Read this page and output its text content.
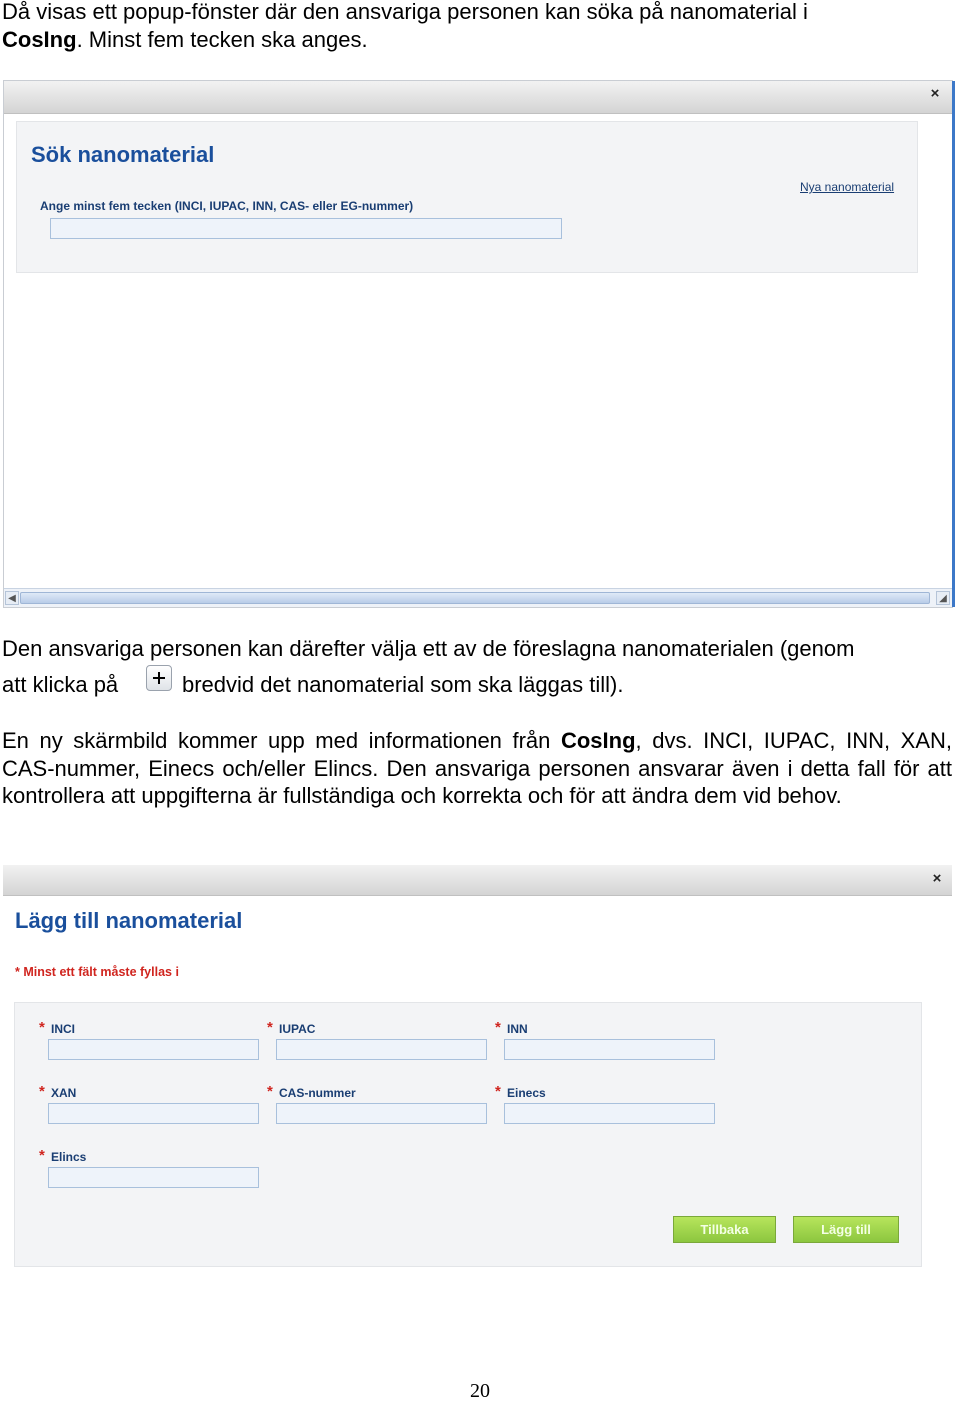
Då visas ett popup-fönster där den ansvariga personen kan söka på nanomaterial i
CosIng. Minst fem tecken ska anges.
×
Sök nanomaterial
Nya nanomaterial
Ange minst fem tecken (INCI, IUPAC, INN, CAS- eller EG-nummer)
◀	◢
Den ansvariga personen kan därefter välja ett av de föreslagna nanomaterialen (genom
att klicka på	bredvid det nanomaterial som ska läggas till).
En ny skärmbild kommer upp med informationen från CosIng, dvs. INCI, IUPAC, INN, XAN, CAS-nummer, Einecs och/eller Elincs. Den ansvariga personen ansvarar även i detta fall för att kontrollera att uppgifterna är fullständiga och korrekta och för att ändra dem vid behov.
×
Lägg till nanomaterial
* Minst ett fält måste fyllas i
* INCI	* IUPAC	* INN
* XAN	* CAS-nummer	* Einecs
* Elincs
Tillbaka	Lägg till
20
